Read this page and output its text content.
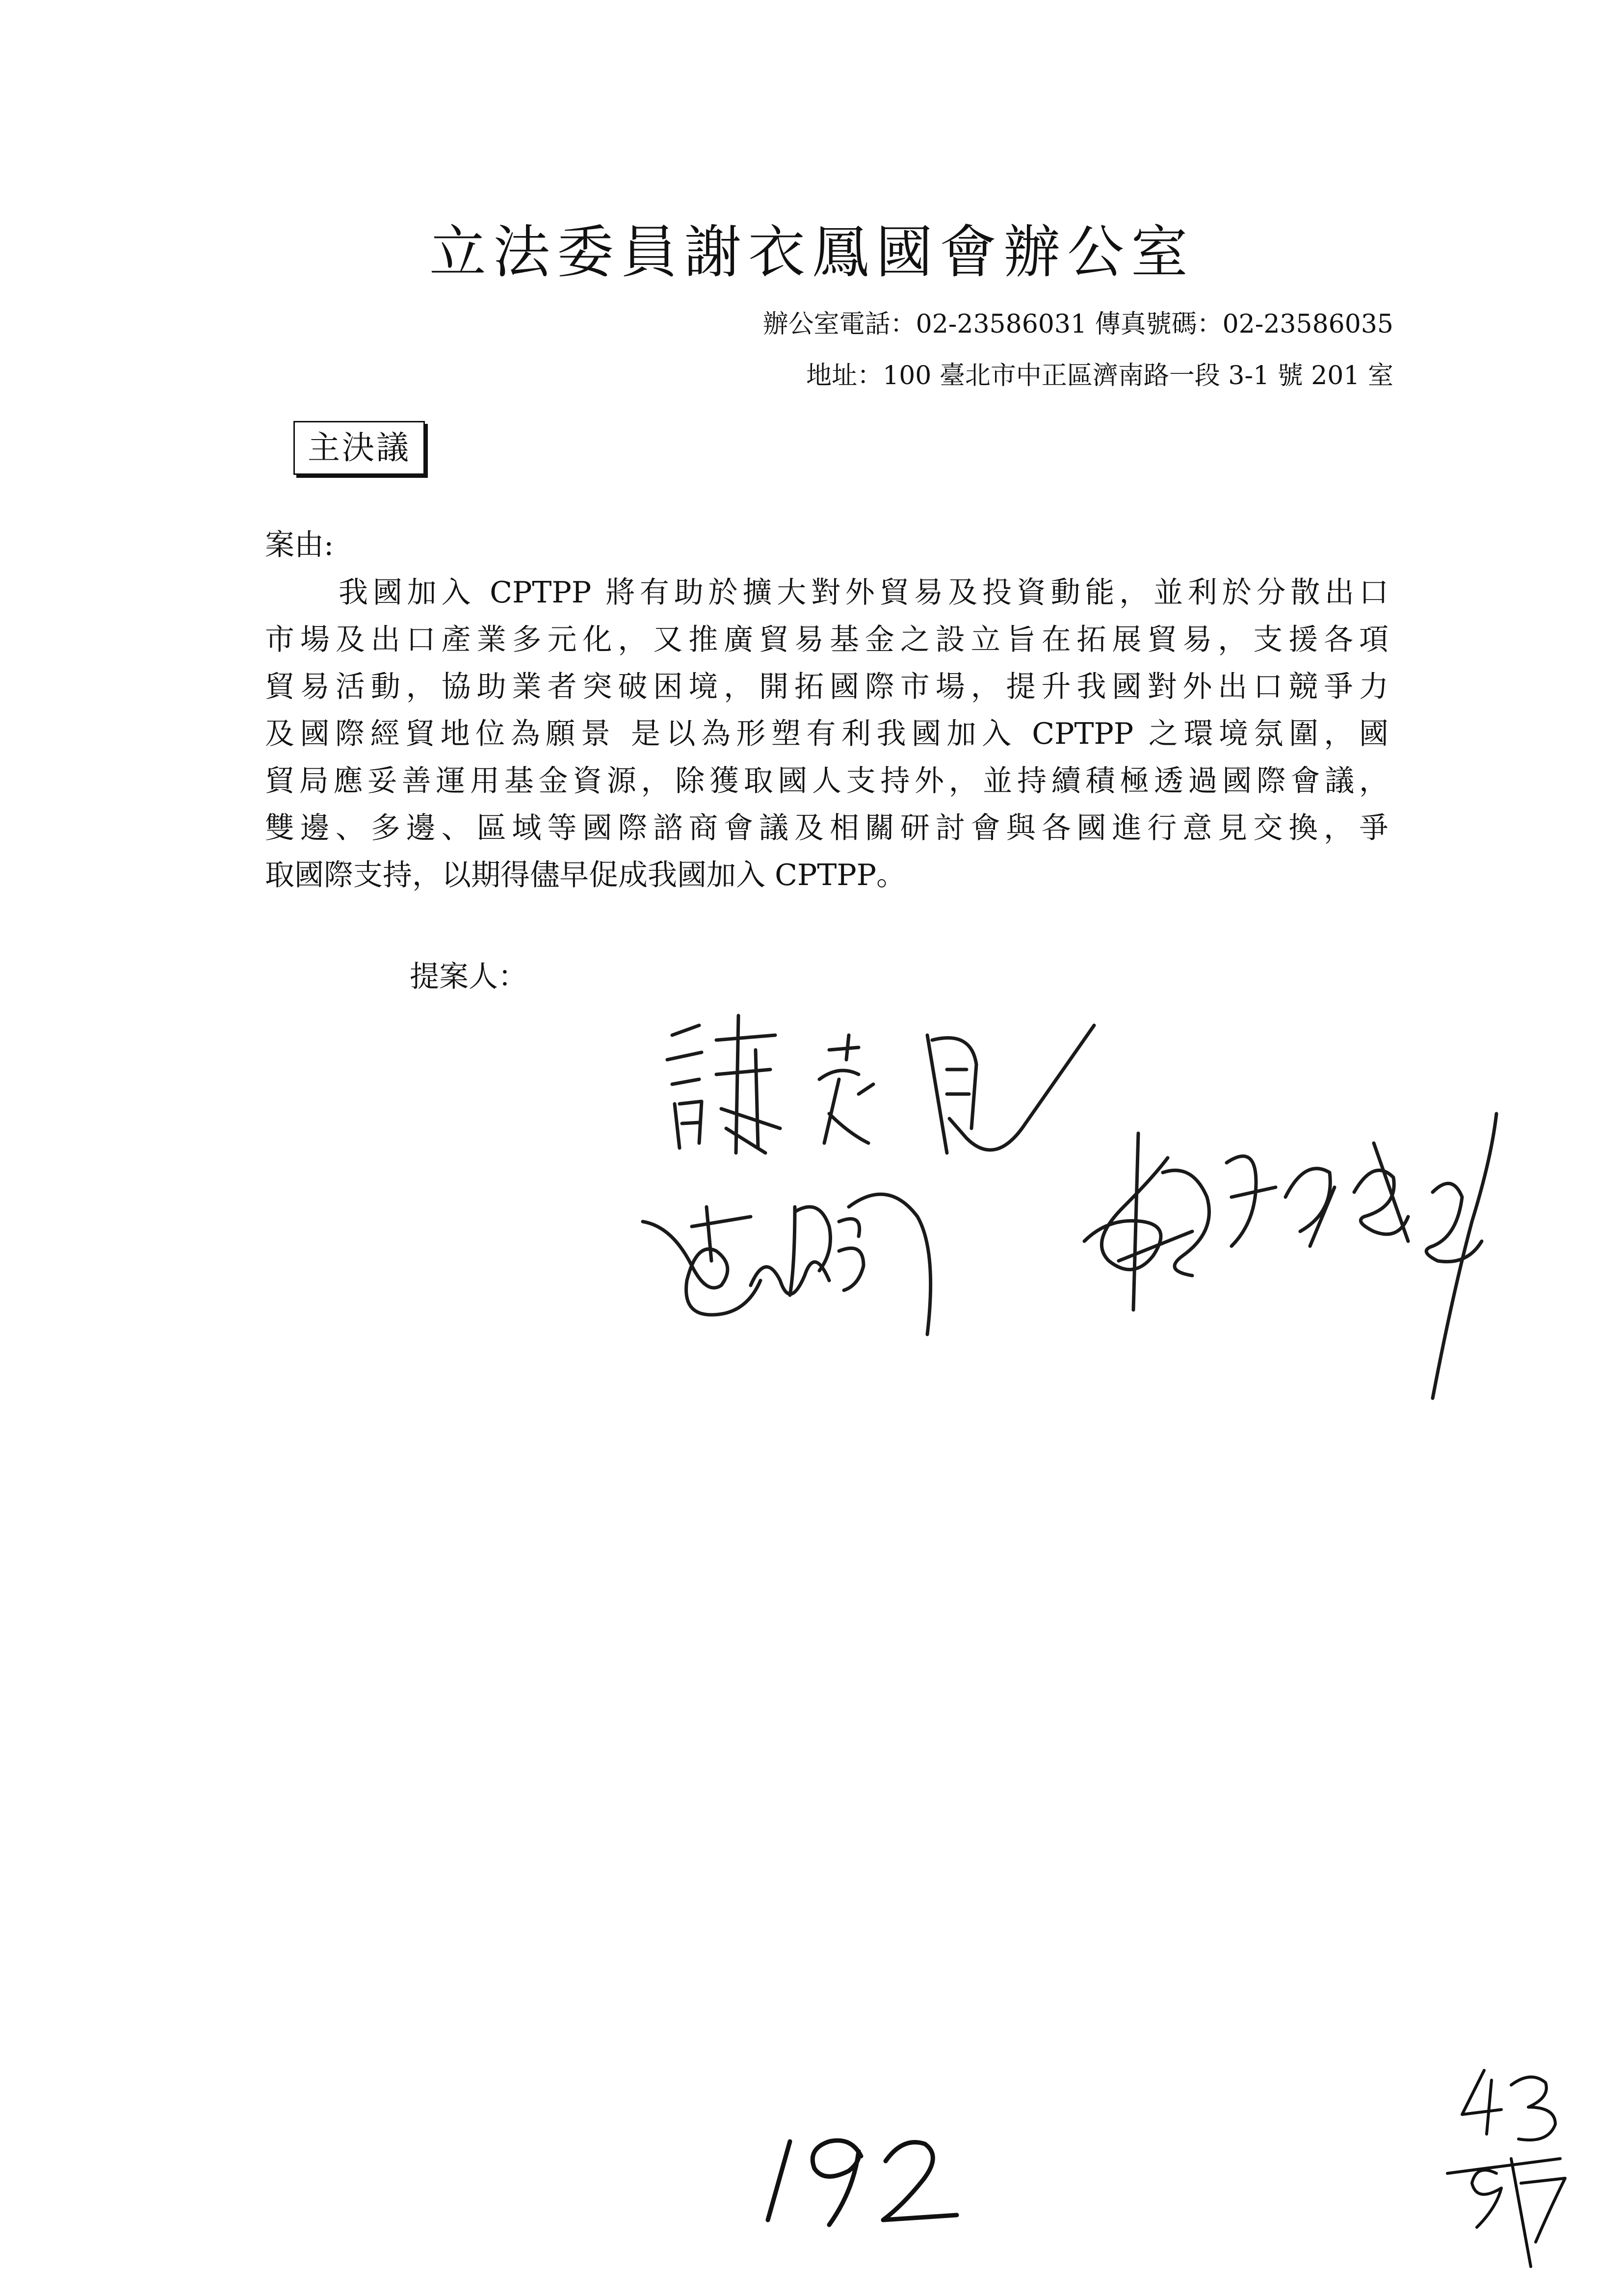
立法委員謝衣鳳國會辦公室
辦公室電話：02-23586031 傳真號碼：02-23586035
地址：100 臺北市中正區濟南路一段 3-1 號 201 室
主決議
案由:
我國加入 CPTPP 將有助於擴大對外貿易及投資動能，並利於分散出口
市場及出口產業多元化，又推廣貿易基金之設立旨在拓展貿易，支援各項
貿易活動，協助業者突破困境，開拓國際市場，提升我國對外出口競爭力
及國際經貿地位為願景 是以為形塑有利我國加入 CPTPP 之環境氛圍，國
貿局應妥善運用基金資源，除獲取國人支持外，並持續積極透過國際會議，
雙邊、多邊、區域等國際諮商會議及相關研討會與各國進行意見交換，爭
取國際支持，以期得儘早促成我國加入 CPTPP。
提案人：
